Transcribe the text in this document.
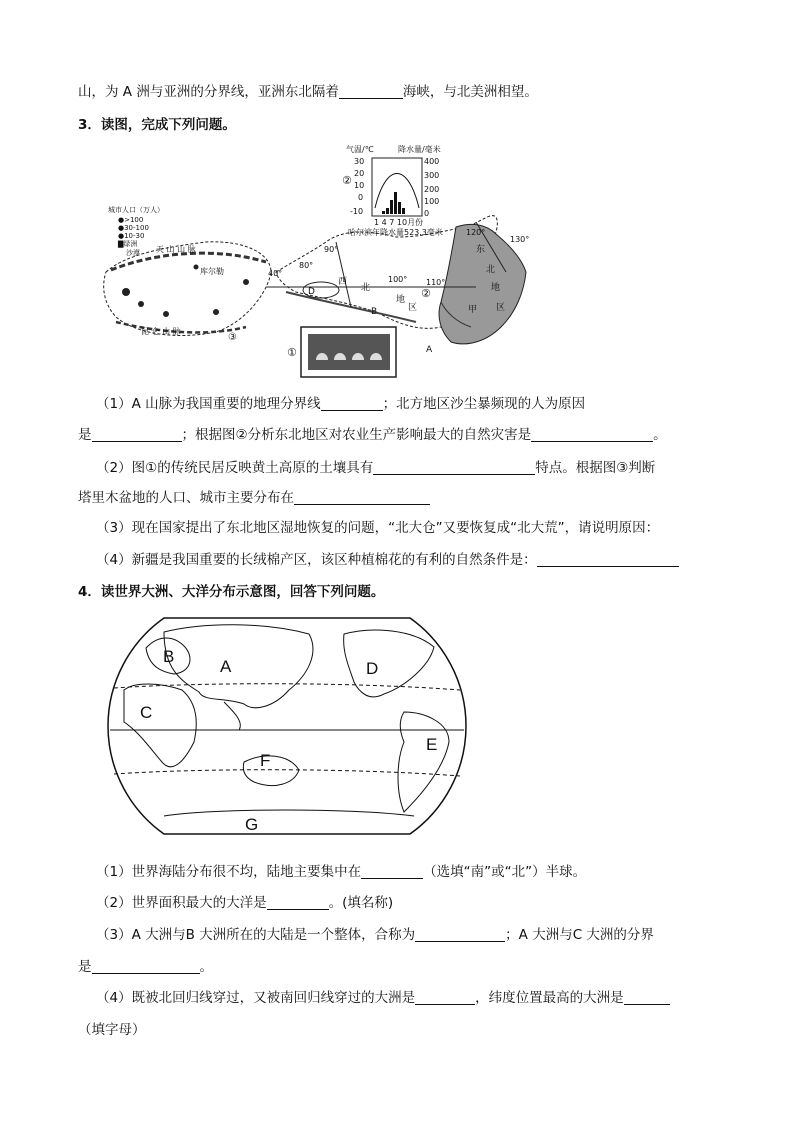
山，为 A 洲与亚洲的分界线，亚洲东北隔着	海峡，与北美洲相望。
3．读图，完成下列问题。
城市人口（万人）
●>100
●30-100
●10-30
▇绿洲
沙漠 天 山 山 脉
库尔勒
昆 仑 山 脉
③
40°
80°
90°
100° 110°
120°
130°
D
西
北
地
区
B
A
东
北
地
区
甲
②
①
气温/℃	降水量/毫米
②
30
20
10
0
-10
400
300
200
100
0
1 4 7 10月份
哈尔滨年降水量523.3毫米
（1）A 山脉为我国重要的地理分界线	；北方地区沙尘暴频现的人为原因
是	；根据图②分析东北地区对农业生产影响最大的自然灾害是	。
（2）图①的传统民居反映黄土高原的土壤具有	特点。根据图③判断
塔里木盆地的人口、城市主要分布在
（3）现在国家提出了东北地区湿地恢复的问题，“北大仓”又要恢复成“北大荒”，请说明原因：
（4）新疆是我国重要的长绒棉产区，该区种植棉花的有利的自然条件是：
4．读世界大洲、大洋分布示意图，回答下列问题。
A
B
C
D
E
F
G
（1）世界海陆分布很不均，陆地主要集中在	（选填“南”或“北”）半球。
（2）世界面积最大的大洋是	。(填名称)
（3）A 大洲与B 大洲所在的大陆是一个整体，合称为	；A 大洲与C 大洲的分界
是	。
（4）既被北回归线穿过，又被南回归线穿过的大洲是	，纬度位置最高的大洲是
（填字母）
